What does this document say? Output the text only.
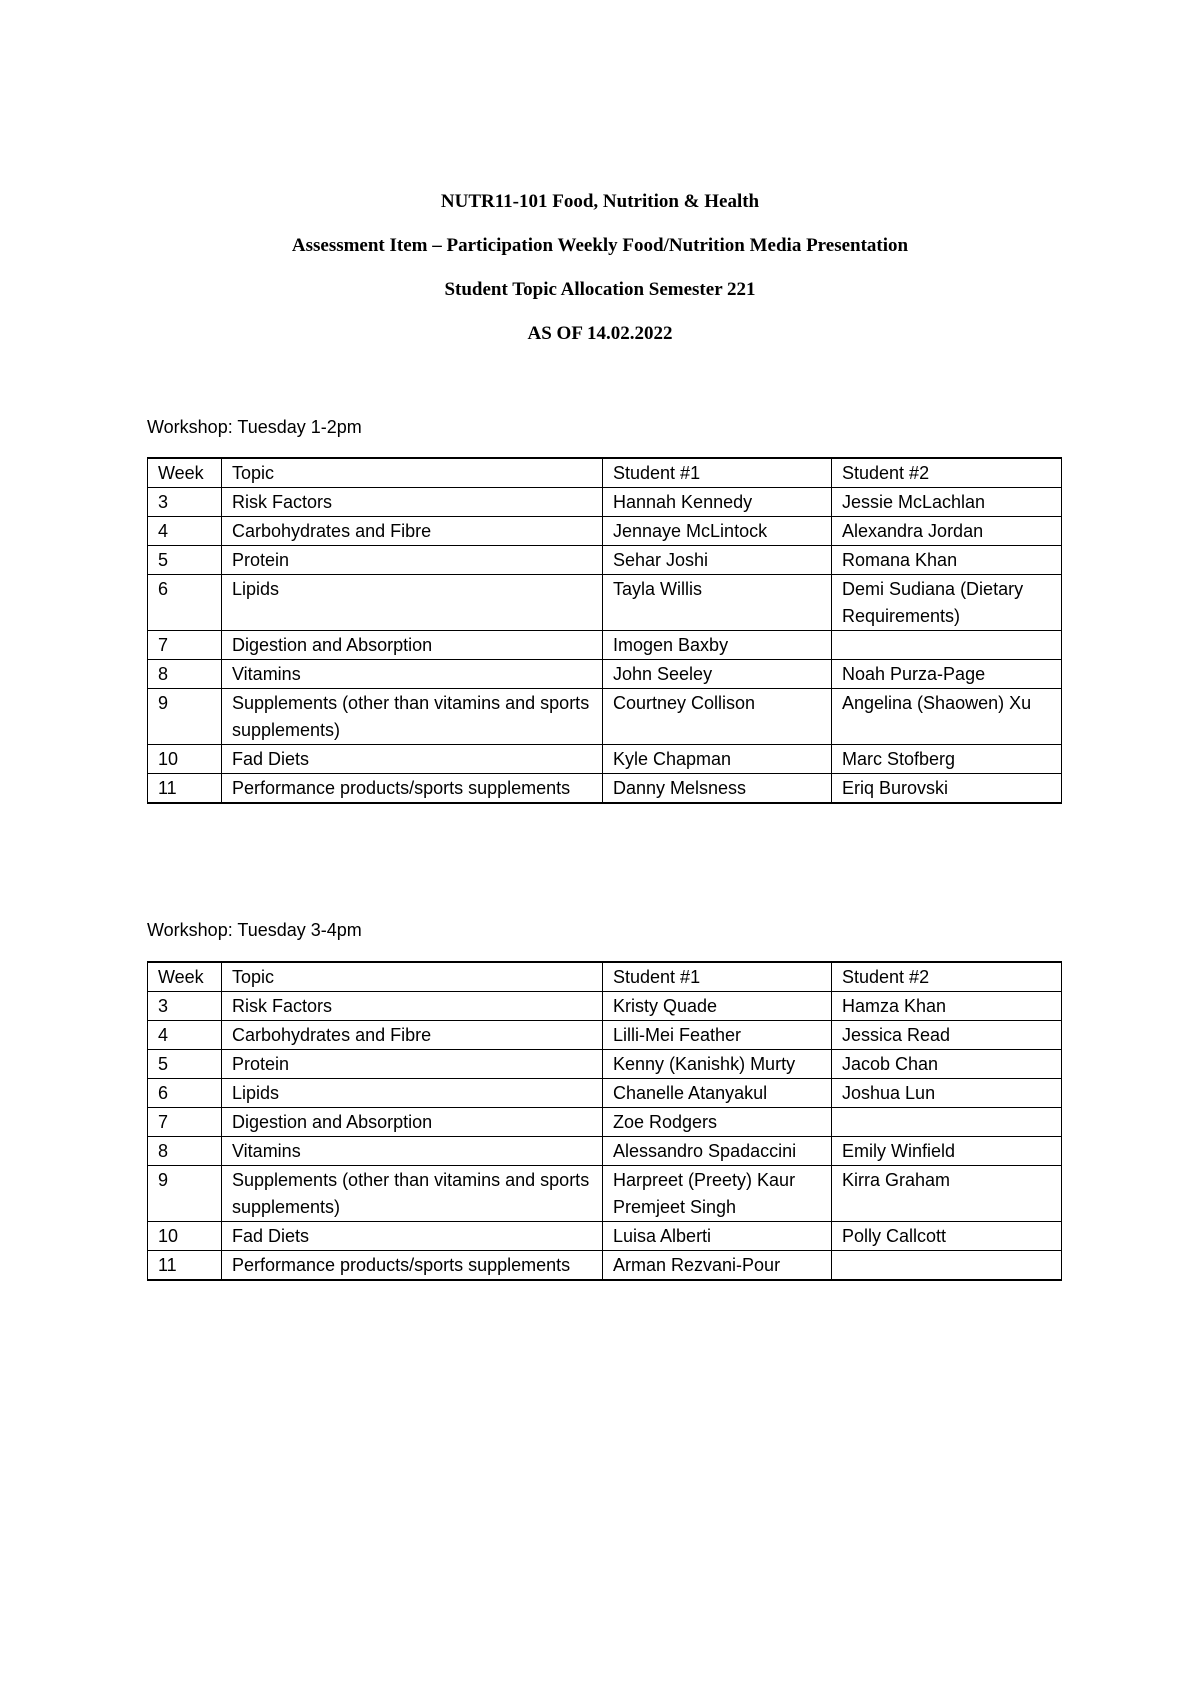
NUTR11-101 Food, Nutrition & Health
Assessment Item – Participation Weekly Food/Nutrition Media Presentation
Student Topic Allocation Semester 221
AS OF 14.02.2022
Workshop: Tuesday 1-2pm
Week	Topic	Student #1	Student #2
3	Risk Factors	Hannah Kennedy	Jessie McLachlan
4	Carbohydrates and Fibre	Jennaye McLintock	Alexandra Jordan
5	Protein	Sehar Joshi	Romana Khan
6	Lipids	Tayla Willis	Demi Sudiana (Dietary Requirements)
7	Digestion and Absorption	Imogen Baxby	
8	Vitamins	John Seeley	Noah Purza-Page
9	Supplements (other than vitamins and sports supplements)	Courtney Collison	Angelina (Shaowen) Xu
10	Fad Diets	Kyle Chapman	Marc Stofberg
11	Performance products/sports supplements	Danny Melsness	Eriq Burovski
Workshop: Tuesday 3-4pm
Week	Topic	Student #1	Student #2
3	Risk Factors	Kristy Quade	Hamza Khan
4	Carbohydrates and Fibre	Lilli-Mei Feather	Jessica Read
5	Protein	Kenny (Kanishk) Murty	Jacob Chan
6	Lipids	Chanelle Atanyakul	Joshua Lun
7	Digestion and Absorption	Zoe Rodgers	
8	Vitamins	Alessandro Spadaccini	Emily Winfield
9	Supplements (other than vitamins and sports supplements)	Harpreet (Preety) Kaur Premjeet Singh	Kirra Graham
10	Fad Diets	Luisa Alberti	Polly Callcott
11	Performance products/sports supplements	Arman Rezvani-Pour	
